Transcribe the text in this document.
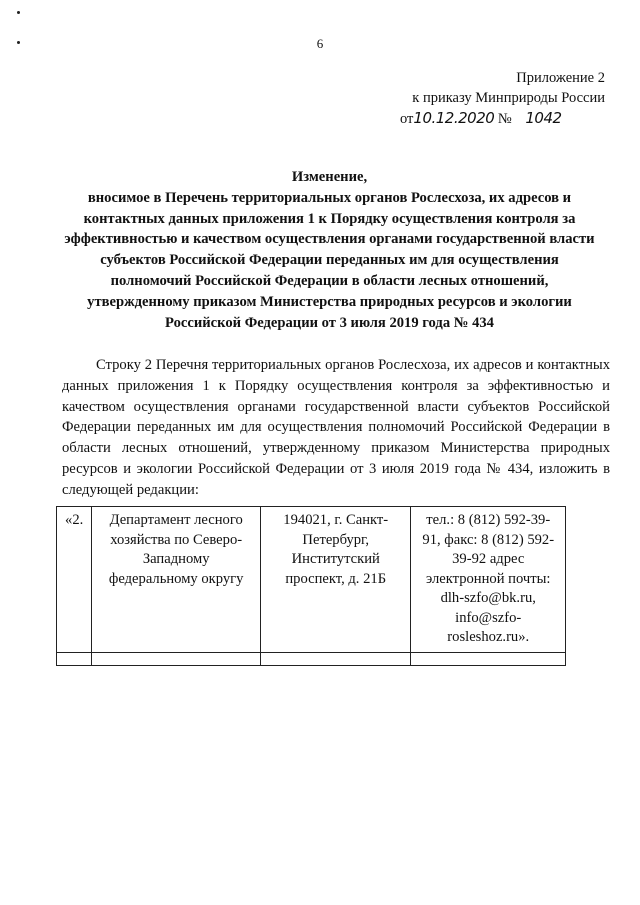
6
Приложение 2
к приказу Минприроды России
от10.12.2020 № 1042
Изменение,
вносимое в Перечень территориальных органов Рослесхоза, их адресов и контактных данных приложения 1 к Порядку осуществления контроля за эффективностью и качеством осуществления органами государственной власти субъектов Российской Федерации переданных им для осуществления полномочий Российской Федерации в области лесных отношений, утвержденному приказом Министерства природных ресурсов и экологии Российской Федерации от 3 июля 2019 года № 434
Строку 2 Перечня территориальных органов Рослесхоза, их адресов и контактных данных приложения 1 к Порядку осуществления контроля за эффективностью и качеством осуществления органами государственной власти субъектов Российской Федерации переданных им для осуществления полномочий Российской Федерации в области лесных отношений, утвержденному приказом Министерства природных ресурсов и экологии Российской Федерации от 3 июля 2019 года № 434, изложить в следующей редакции:
«2.	Департамент лесного хозяйства по Северо-Западному федеральному округу	194021, г. Санкт-Петербург, Институтский проспект, д. 21Б	тел.: 8 (812) 592-39-91, факс: 8 (812) 592-39-92 адрес электронной почты: dlh-szfo@bk.ru, info@szfo-rosleshoz.ru».
